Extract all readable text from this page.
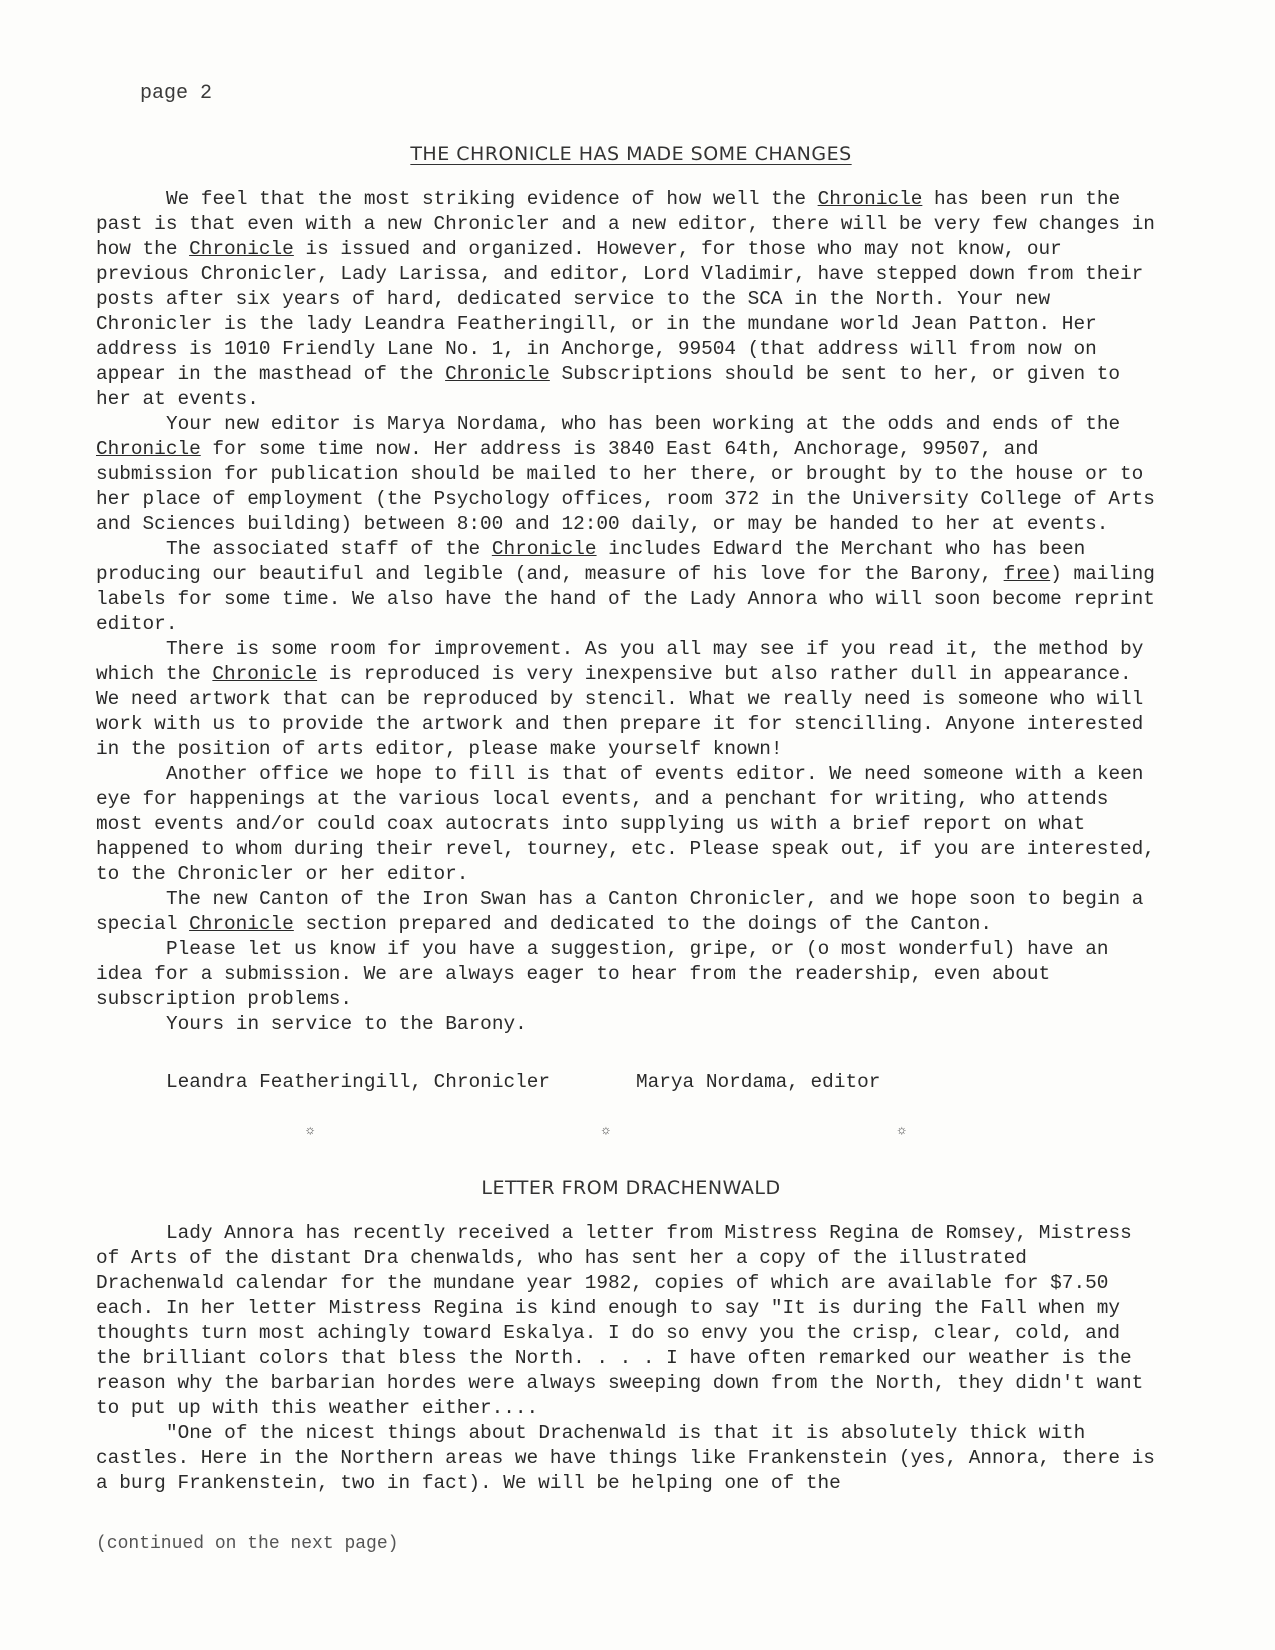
page 2
THE CHRONICLE HAS MADE SOME CHANGES

We feel that the most striking evidence of how well the Chronicle has been run the past is that even with a new Chronicler and a new editor, there will be very few changes in how the Chronicle is issued and organized. However, for those who may not know, our previous Chronicler, Lady Larissa, and editor, Lord Vladimir, have stepped down from their posts after six years of hard, dedicated service to the SCA in the North. Your new Chronicler is the lady Leandra Featheringill, or in the mundane world Jean Patton. Her address is 1010 Friendly Lane No. 1, in Anchorge, 99504 (that address will from now on appear in the masthead of the Chronicle Subscriptions should be sent to her, or given to her at events.

Your new editor is Marya Nordama, who has been working at the odds and ends of the Chronicle for some time now. Her address is 3840 East 64th, Anchorage, 99507, and submission for publication should be mailed to her there, or brought by to the house or to her place of employment (the Psychology offices, room 372 in the University College of Arts and Sciences building) between 8:00 and 12:00 daily, or may be handed to her at events.

The associated staff of the Chronicle includes Edward the Merchant who has been producing our beautiful and legible (and, measure of his love for the Barony, free) mailing labels for some time. We also have the hand of the Lady Annora who will soon become reprint editor.

There is some room for improvement. As you all may see if you read it, the method by which the Chronicle is reproduced is very inexpensive but also rather dull in appearance. We need artwork that can be reproduced by stencil. What we really need is someone who will work with us to provide the artwork and then prepare it for stencilling. Anyone interested in the position of arts editor, please make yourself known!

Another office we hope to fill is that of events editor. We need someone with a keen eye for happenings at the various local events, and a penchant for writing, who attends most events and/or could coax autocrats into supplying us with a brief report on what happened to whom during their revel, tourney, etc. Please speak out, if you are interested, to the Chronicler or her editor.

The new Canton of the Iron Swan has a Canton Chronicler, and we hope soon to begin a special Chronicle section prepared and dedicated to the doings of the Canton.

Please let us know if you have a suggestion, gripe, or (o most wonderful) have an idea for a submission. We are always eager to hear from the readership, even about subscription problems.

Yours in service to the Barony.

Leandra Featheringill, Chronicler	Marya Nordama, editor
☼	☼	☼
LETTER FROM DRACHENWALD

Lady Annora has recently received a letter from Mistress Regina de Romsey, Mistress of Arts of the distant Dra chenwalds, who has sent her a copy of the illustrated Drachenwald calendar for the mundane year 1982, copies of which are available for $7.50 each. In her letter Mistress Regina is kind enough to say "It is during the Fall when my thoughts turn most achingly toward Eskalya. I do so envy you the crisp, clear, cold, and the brilliant colors that bless the North. . . . I have often remarked our weather is the reason why the barbarian hordes were always sweeping down from the North, they didn't want to put up with this weather either....

"One of the nicest things about Drachenwald is that it is absolutely thick with castles. Here in the Northern areas we have things like Frankenstein (yes, Annora, there is a burg Frankenstein, two in fact). We will be helping one of the

(continued on the next page)
